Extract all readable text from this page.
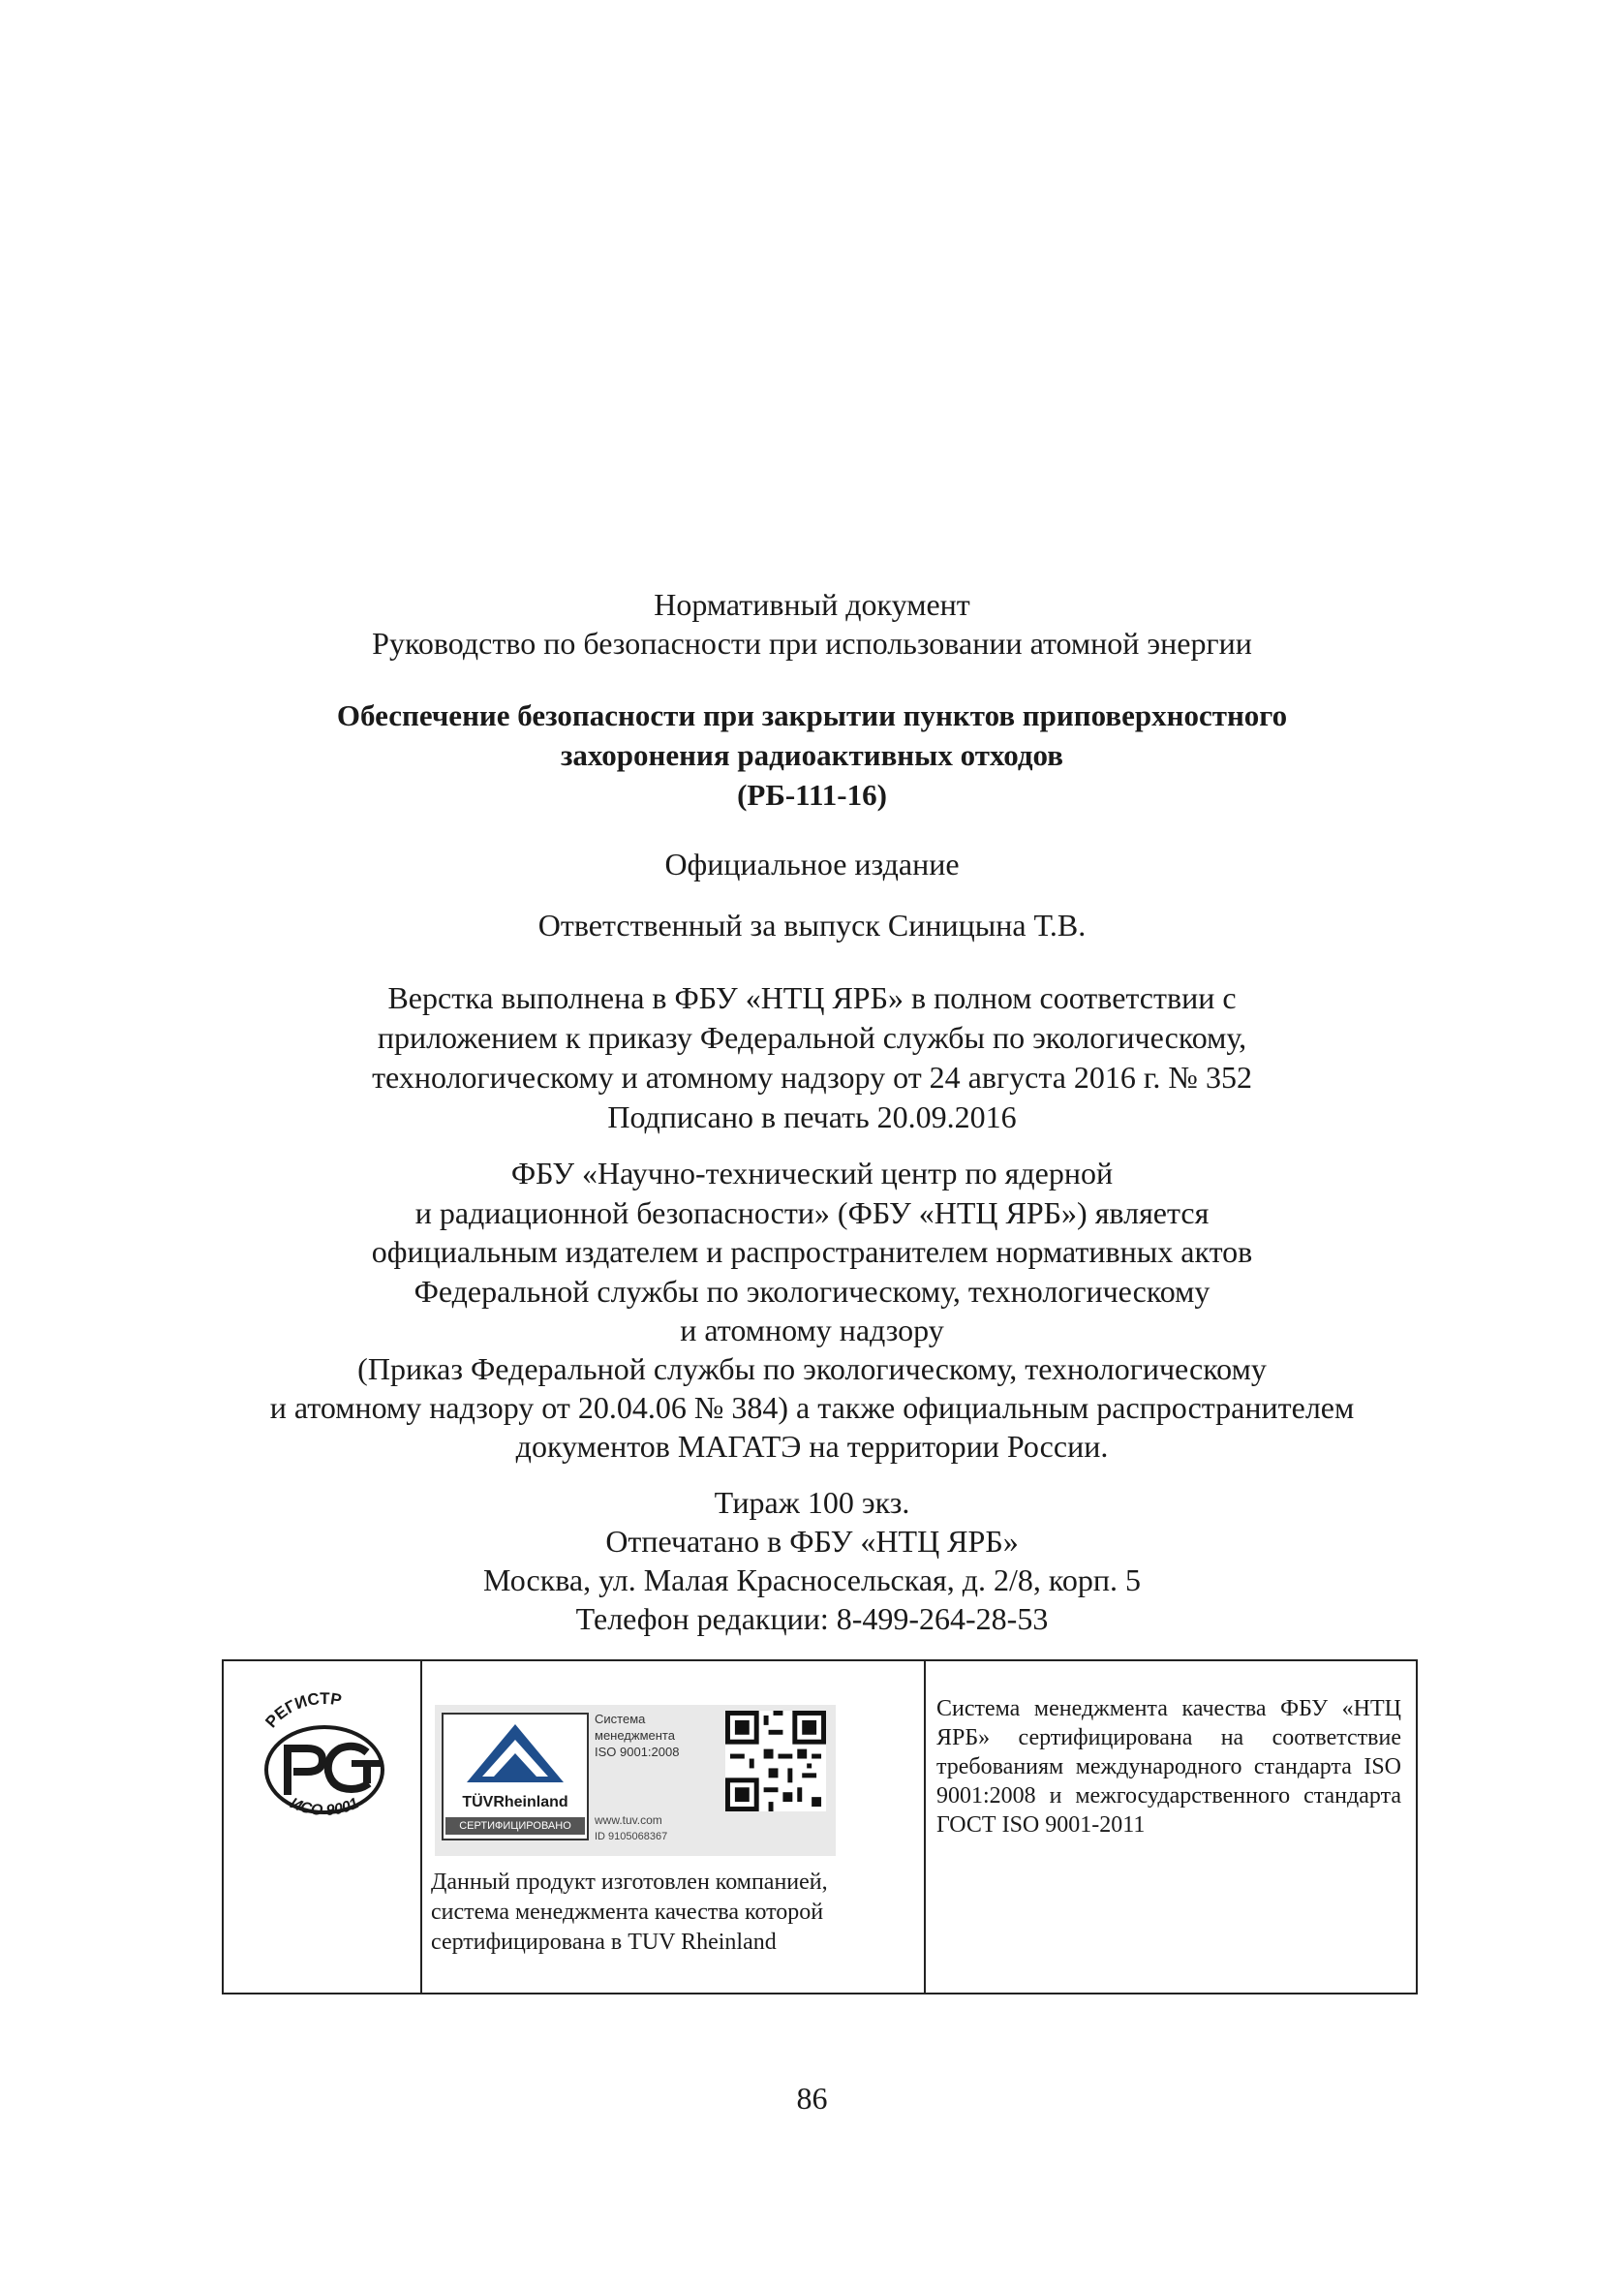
Нормативный документ
Руководство по безопасности при использовании атомной энергии
Обеспечение безопасности при закрытии пунктов приповерхностного
захоронения радиоактивных отходов
(РБ-111-16)
Официальное издание
Ответственный за выпуск Синицына Т.В.
Верстка выполнена в ФБУ «НТЦ ЯРБ» в полном соответствии с
приложением к приказу Федеральной службы по экологическому,
технологическому и атомному надзору от 24 августа 2016 г. № 352
Подписано в печать 20.09.2016
ФБУ «Научно-технический центр по ядерной
и радиационной безопасности» (ФБУ «НТЦ ЯРБ») является
официальным издателем и распространителем нормативных актов
Федеральной службы по экологическому, технологическому
и атомному надзору
(Приказ Федеральной службы по экологическому, технологическому
и атомному надзору от 20.04.06 № 384) а также официальным распространителем
документов МАГАТЭ на территории России.
Тираж 100 экз.
Отпечатано в ФБУ «НТЦ ЯРБ»
Москва, ул. Малая Красносельская, д. 2/8, корп. 5
Телефон редакции: 8-499-264-28-53
РЕГИСТР
ИСО 9001	TÜVRheinland
СЕРТИФИЦИРОВАНО
Система
менеджмента
ISO 9001:2008
www.tuv.com
ID 9105068367
Данный продукт изготовлен компанией,
система менеджмента качества которой
сертифицирована в TUV Rheinland
Система менеджмента качества ФБУ «НТЦ ЯРБ» сертифицирована на соответствие требованиям международного стандарта ISO 9001:2008 и межгосударственного стандарта ГОСТ ISO 9001-2011
86
